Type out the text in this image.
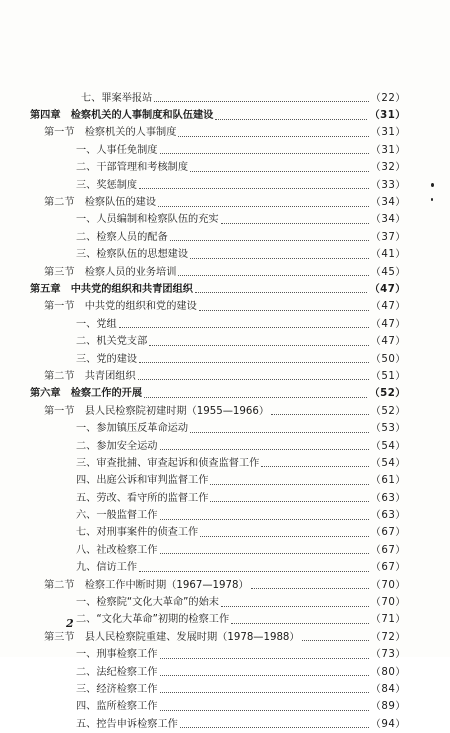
七、罪案举报站	（22）
第四章　检察机关的人事制度和队伍建设	（31）
第一节　检察机关的人事制度	（31）
一、人事任免制度	（31）
二、干部管理和考核制度	（32）
三、奖惩制度	（33）
第二节　检察队伍的建设	（34）
一、人员编制和检察队伍的充实	（34）
二、检察人员的配备	（37）
三、检察队伍的思想建设	（41）
第三节　检察人员的业务培训	（45）
第五章　中共党的组织和共青团组织	（47）
第一节　中共党的组织和党的建设	（47）
一、党组	（47）
二、机关党支部	（47）
三、党的建设	（50）
第二节　共青团组织	（51）
第六章　检察工作的开展	（52）
第一节　县人民检察院初建时期（1955—1966）	（52）
一、参加镇压反革命运动	（53）
二、参加安全运动	（54）
三、审查批捕、审查起诉和侦查监督工作	（54）
四、出庭公诉和审判监督工作	（61）
五、劳改、看守所的监督工作	（63）
六、一般监督工作	（63）
七、对刑事案件的侦查工作	（67）
八、社改检察工作	（67）
九、信访工作	（67）
第二节　检察工作中断时期（1967—1978）	（70）
一、检察院“文化大革命”的始末	（70）
二、“文化大革命”初期的检察工作	（71）
第三节　县人民检察院重建、发展时期（1978—1988）	（72）
一、刑事检察工作	（73）
二、法纪检察工作	（80）
三、经济检察工作	（84）
四、监所检察工作	（89）
五、控告申诉检察工作	（94）
2
